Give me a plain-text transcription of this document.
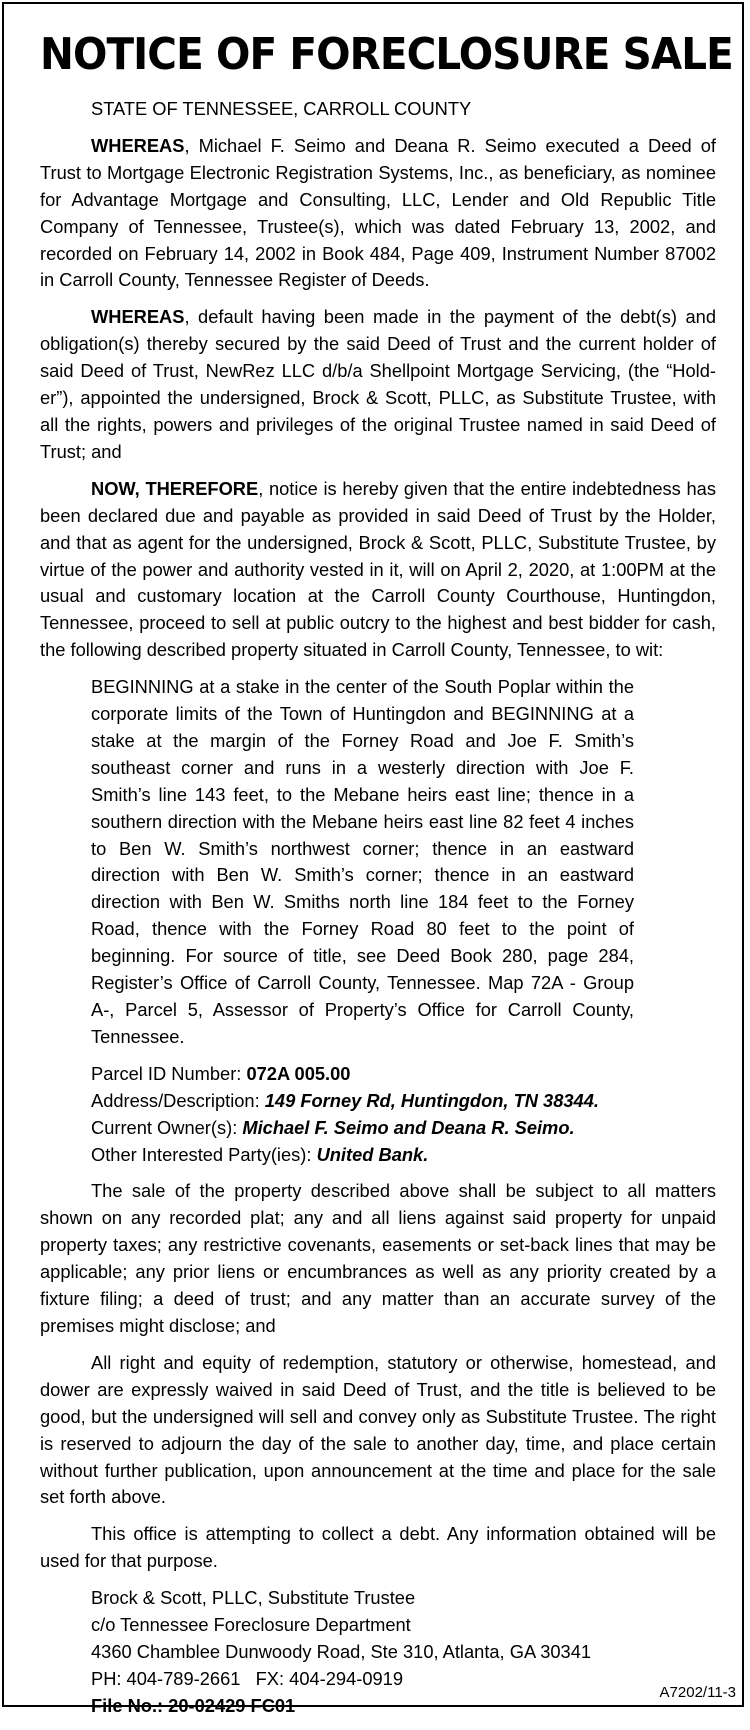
NOTICE OF FORECLOSURE SALE
STATE OF TENNESSEE, CARROLL COUNTY

WHEREAS, Michael F. Seimo and Deana R. Seimo executed a Deed of Trust to Mortgage Electronic Registration Systems, Inc., as beneficiary, as nominee for Advantage Mortgage and Consulting, LLC, Lender and Old Republic Title Company of Tennessee, Trustee(s), which was dated February 13, 2002, and recorded on February 14, 2002 in Book 484, Page 409, Instrument Number 87002 in Carroll County, Tennessee Register of Deeds.

WHEREAS, default having been made in the payment of the debt(s) and obligation(s) thereby secured by the said Deed of Trust and the current holder of said Deed of Trust, NewRez LLC d/b/a Shellpoint Mortgage Servicing, (the “Holder”), appointed the undersigned, Brock & Scott, PLLC, as Substitute Trustee, with all the rights, powers and privileges of the original Trustee named in said Deed of Trust; and

NOW, THEREFORE, notice is hereby given that the entire indebtedness has been declared due and payable as provided in said Deed of Trust by the Holder, and that as agent for the undersigned, Brock & Scott, PLLC, Substitute Trustee, by virtue of the power and authority vested in it, will on April 2, 2020, at 1:00PM at the usual and customary location at the Carroll County Courthouse, Huntingdon, Tennessee, proceed to sell at public outcry to the highest and best bidder for cash, the following described property situated in Carroll County, Tennessee, to wit:

BEGINNING at a stake in the center of the South Poplar within the corporate limits of the Town of Huntingdon and BEGINNING at a stake at the margin of the Forney Road and Joe F. Smith’s southeast corner and runs in a westerly direction with Joe F. Smith’s line 143 feet, to the Mebane heirs east line; thence in a southern direction with the Mebane heirs east line 82 feet 4 inches to Ben W. Smith’s northwest corner; thence in an eastward direction with Ben W. Smith’s corner; thence in an eastward direction with Ben W. Smiths north line 184 feet to the Forney Road, thence with the Forney Road 80 feet to the point of beginning. For source of title, see Deed Book 280, page 284, Register’s Office of Carroll County, Tennessee. Map 72A - Group A-, Parcel 5, Assessor of Property’s Office for Carroll County, Tennessee.

Parcel ID Number: 072A 005.00
Address/Description: 149 Forney Rd, Huntingdon, TN 38344.
Current Owner(s): Michael F. Seimo and Deana R. Seimo.
Other Interested Party(ies): United Bank.

The sale of the property described above shall be subject to all matters shown on any recorded plat; any and all liens against said property for unpaid property taxes; any restrictive covenants, easements or set-back lines that may be applicable; any prior liens or encumbrances as well as any priority created by a fixture filing; a deed of trust; and any matter than an accurate survey of the premises might disclose; and

All right and equity of redemption, statutory or otherwise, homestead, and dower are expressly waived in said Deed of Trust, and the title is believed to be good, but the undersigned will sell and convey only as Substitute Trustee. The right is reserved to adjourn the day of the sale to another day, time, and place certain without further publication, upon announcement at the time and place for the sale set forth above.

This office is attempting to collect a debt. Any information obtained will be used for that purpose.

Brock & Scott, PLLC, Substitute Trustee
c/o Tennessee Foreclosure Department
4360 Chamblee Dunwoody Road, Ste 310, Atlanta, GA 30341
PH: 404-789-2661   FX: 404-294-0919
File No.: 20-02429 FC01
A7202/11-3
